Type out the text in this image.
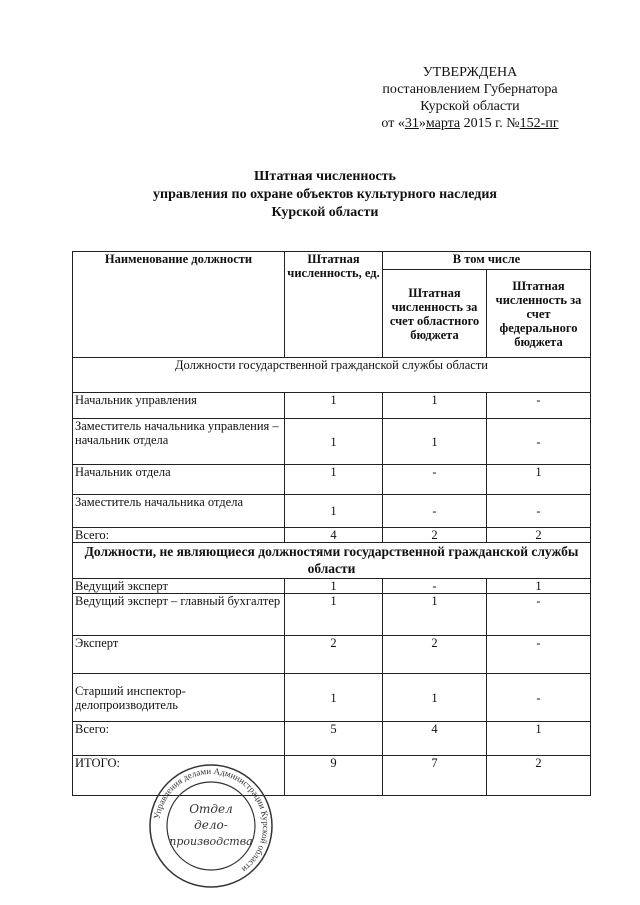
УТВЕРЖДЕНА
постановлением Губернатора
Курской области
от «31»марта 2015 г. №152-пг
Штатная численность
управления по охране объектов культурного наследия
Курской области
Наименование должности	Штатная численность, ед.	В том числе	
		Штатная численность за счет областного бюджета	Штатная численность за счет федерального бюджета
Должности государственной гражданской службы области			
Начальник управления	1	1	-
Заместитель начальника управления – начальник отдела	1	1	-
Начальник отдела	1	-	1
Заместитель начальника отдела	1	-	-
Всего:	4	2	2
Должности, не являющиеся должностями государственной гражданской службы области			
Ведущий эксперт	1	-	1
Ведущий эксперт – главный бухгалтер	1	1	-
Эксперт	2	2	-
Старший инспектор-делопроизводитель	1	1	-
Всего:	5	4	1
ИТОГО:	9	7	2
Управления делами Администрации Курской области
Отдел
дело-
производства
